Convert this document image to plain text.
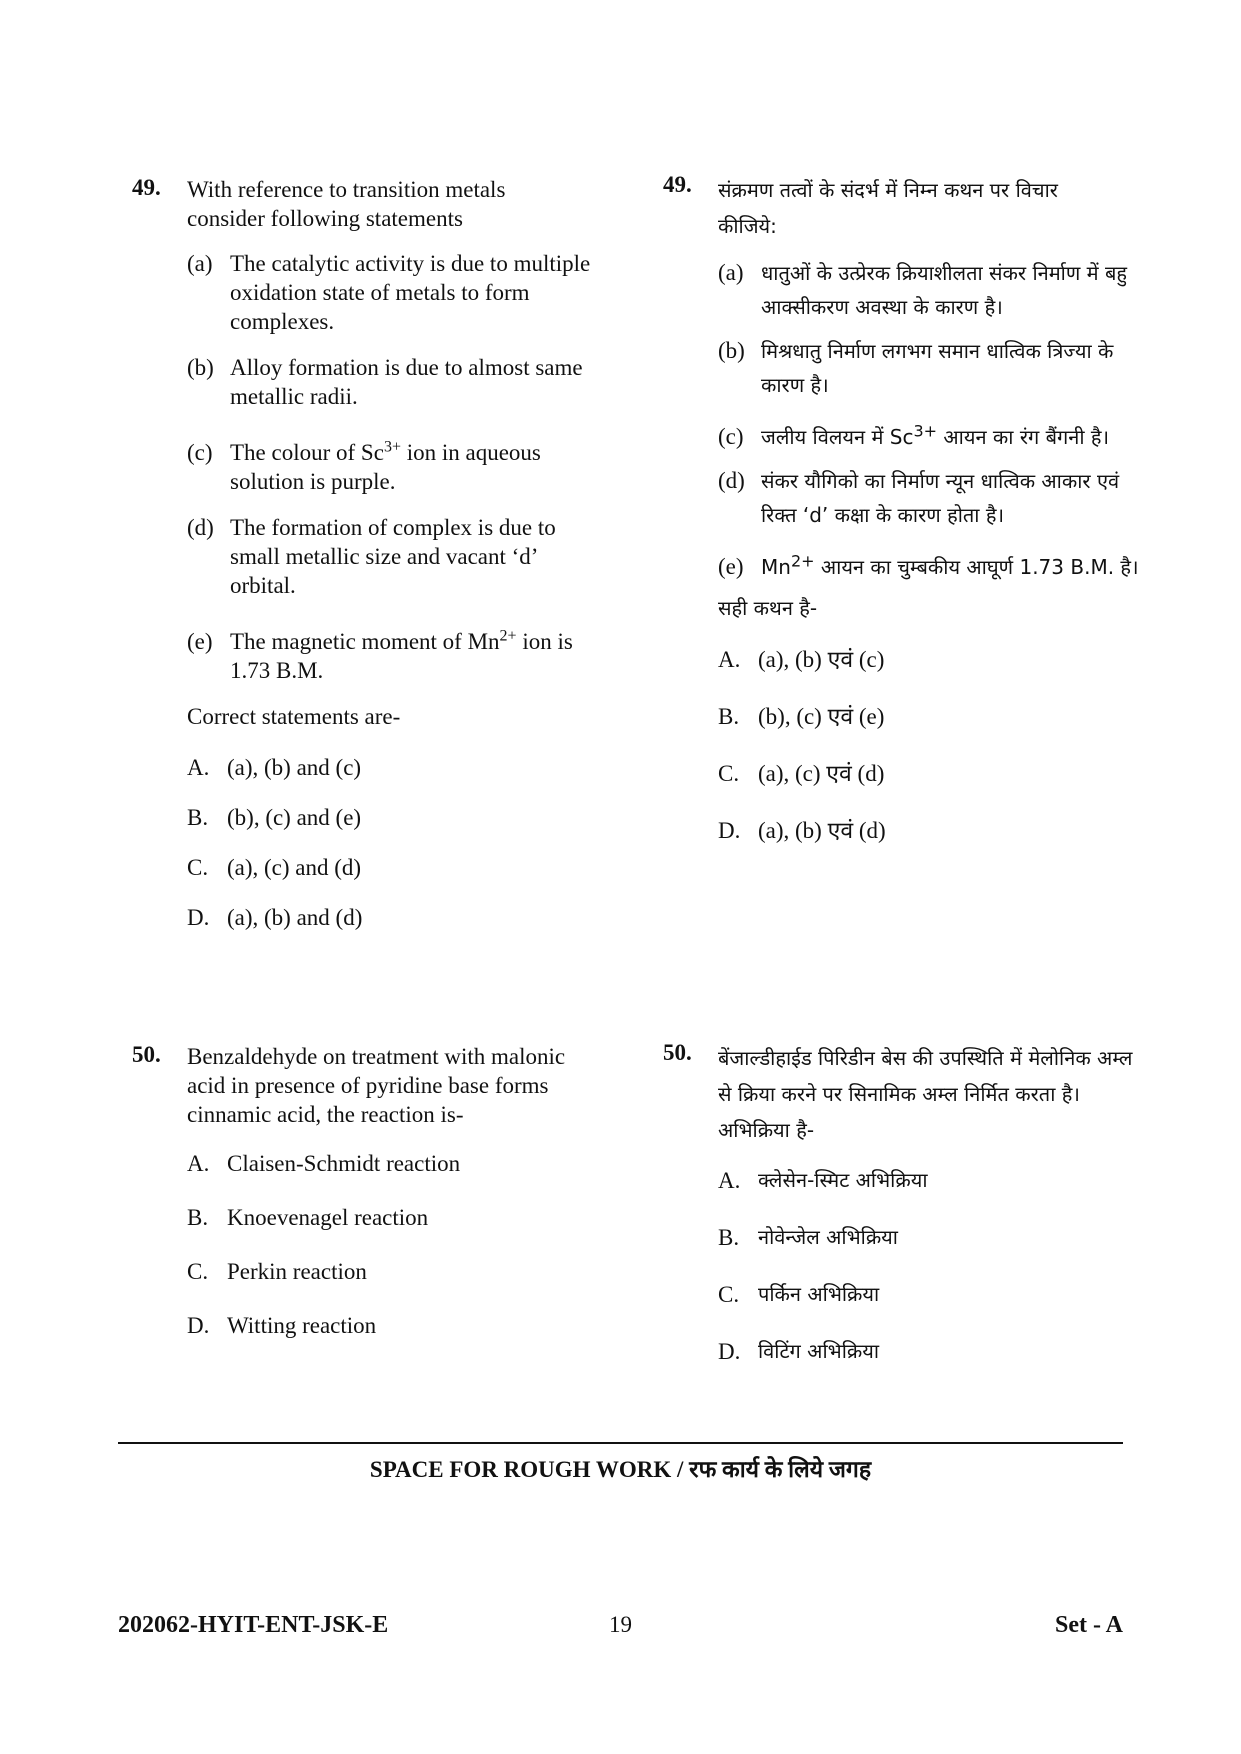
49. With reference to transition metals consider following statements
(a) The catalytic activity is due to multiple oxidation state of metals to form complexes.
(b) Alloy formation is due to almost same metallic radii.
(c) The colour of $Sc^{3+}$ ion in aqueous solution is purple.
(d) The formation of complex is due to small metallic size and vacant ‘d’ orbital.
(e) The magnetic moment of $Mn^{2+}$ ion is 1.73 B.M.
Correct statements are-
A. (a), (b) and (c)
B. (b), (c) and (e)
C. (a), (c) and (d)
D. (a), (b) and (d)
49. संक्रमण तत्वों के संदर्भ में निम्न कथन पर विचार कीजिये:
(a) धातुओं के उत्प्रेरक क्रियाशीलता संकर निर्माण में बहु आक्सीकरण अवस्था के कारण है।
(b) मिश्रधातु निर्माण लगभग समान धात्विक त्रिज्या के कारण है।
(c) जलीय विलयन में $Sc^{3+}$ आयन का रंग बैंगनी है।
(d) संकर यौगिको का निर्माण न्यून धात्विक आकार एवं रिक्त ‘d’ कक्षा के कारण होता है।
(e) $Mn^{2+}$ आयन का चुम्बकीय आघूर्ण 1.73 B.M. है।
सही कथन है-
A. (a), (b) एवं (c)
B. (b), (c) एवं (e)
C. (a), (c) एवं (d)
D. (a), (b) एवं (d)
50. Benzaldehyde on treatment with malonic acid in presence of pyridine base forms cinnamic acid, the reaction is-
A. Claisen-Schmidt reaction
B. Knoevenagel reaction
C. Perkin reaction
D. Witting reaction
50. बेंजाल्डीहाईड पिरिडीन बेस की उपस्थिति में मेलोनिक अम्ल से क्रिया करने पर सिनामिक अम्ल निर्मित करता है। अभिक्रिया है-
A. क्लेसेन-स्मिट अभिक्रिया
B. नोवेन्जेल अभिक्रिया
C. पर्किन अभिक्रिया
D. विटिंग अभिक्रिया
SPACE FOR ROUGH WORK / रफ कार्य के लिये जगह
202062-HYIT-ENT-JSK-E	19	Set - A
